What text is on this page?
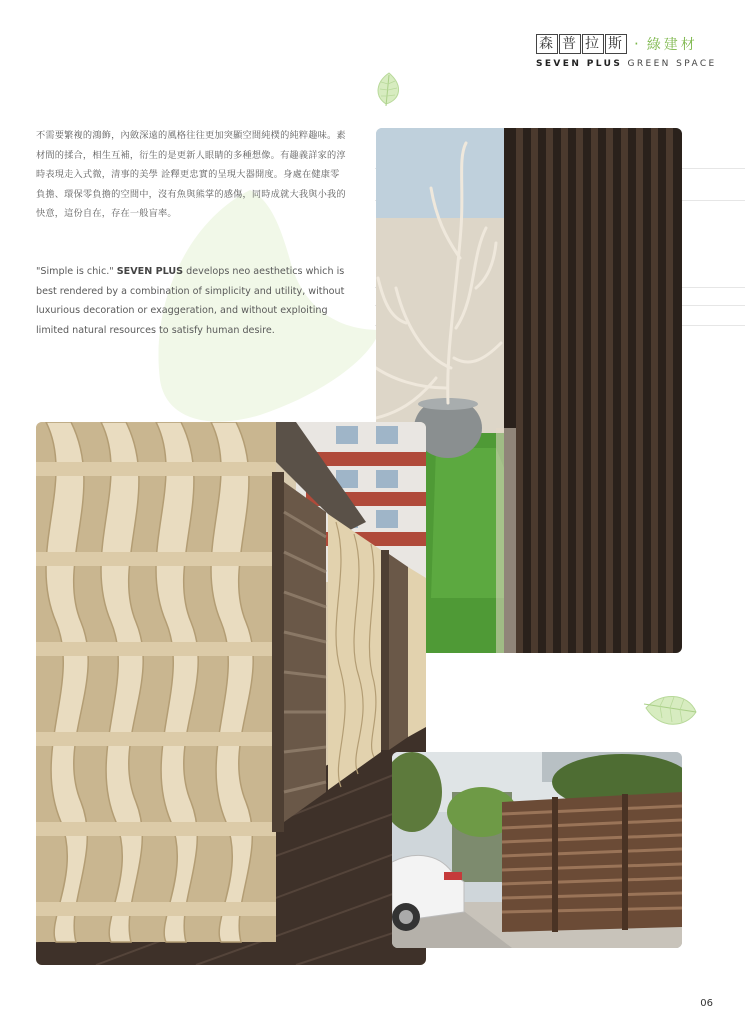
森 普 拉 斯 · 綠建材
SEVEN PLUS GREEN SPACE
不需要繁複的鴻飾，內斂深遠的風格往往更加突顯空間純樸的純粹趣味。素材間的揉合，相生互補，衍生的是更新人眼睛的多種想像。有趣義詳家的淳時表現走入式微，清事的美學 詮釋更忠實的呈現大器開度。身處在健康零負擔、環保零負擔的空間中，沒有魚與熊掌的感傷，同時成就大我與小我的快意，這份自在，存在一般盲率。
"Simple is chic." SEVEN PLUS develops neo aesthetics which is best rendered by a combination of simplicity and utility, without luxurious decoration or exaggeration, and without exploiting limited natural resources to satisfy human desire.
06
